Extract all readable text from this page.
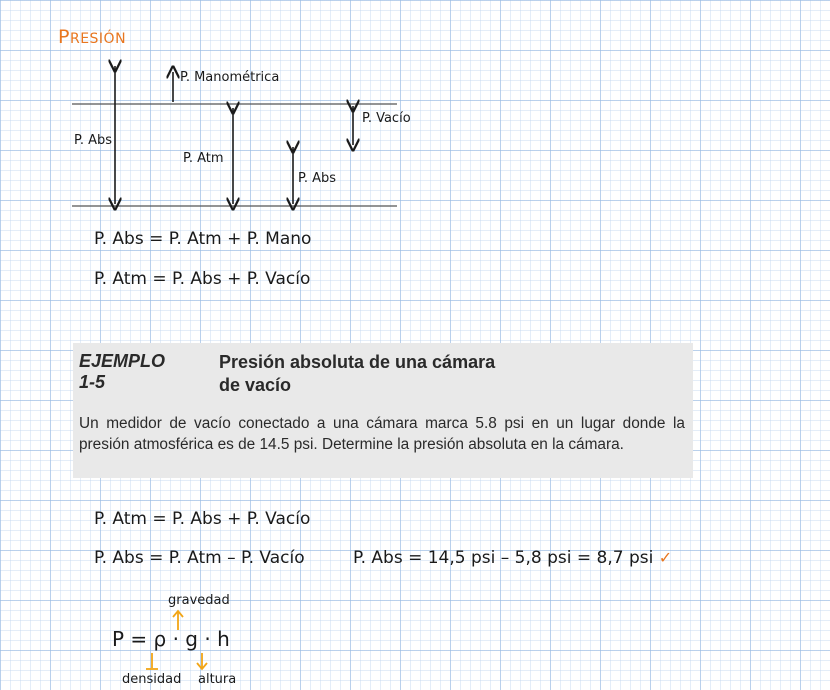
PRESIÓN
P. Abs
P. Manométrica
P. Vacío
P. Atm
P. Abs
P. Abs = P. Atm + P. Mano
P. Atm = P. Abs + P. Vacío
EJEMPLO 1-5
Presión absoluta de una cámara de vacío
Un medidor de vacío conectado a una cámara marca 5.8 psi en un lugar donde la presión atmosférica es de 14.5 psi. Determine la presión absoluta en la cámara.
P. Atm = P. Abs + P. Vacío
P. Abs = P. Atm – P. Vacío	P. Abs = 14,5 psi – 5,8 psi = 8,7 psi ✓
gravedad
P = ρ · g · h
densidad altura
